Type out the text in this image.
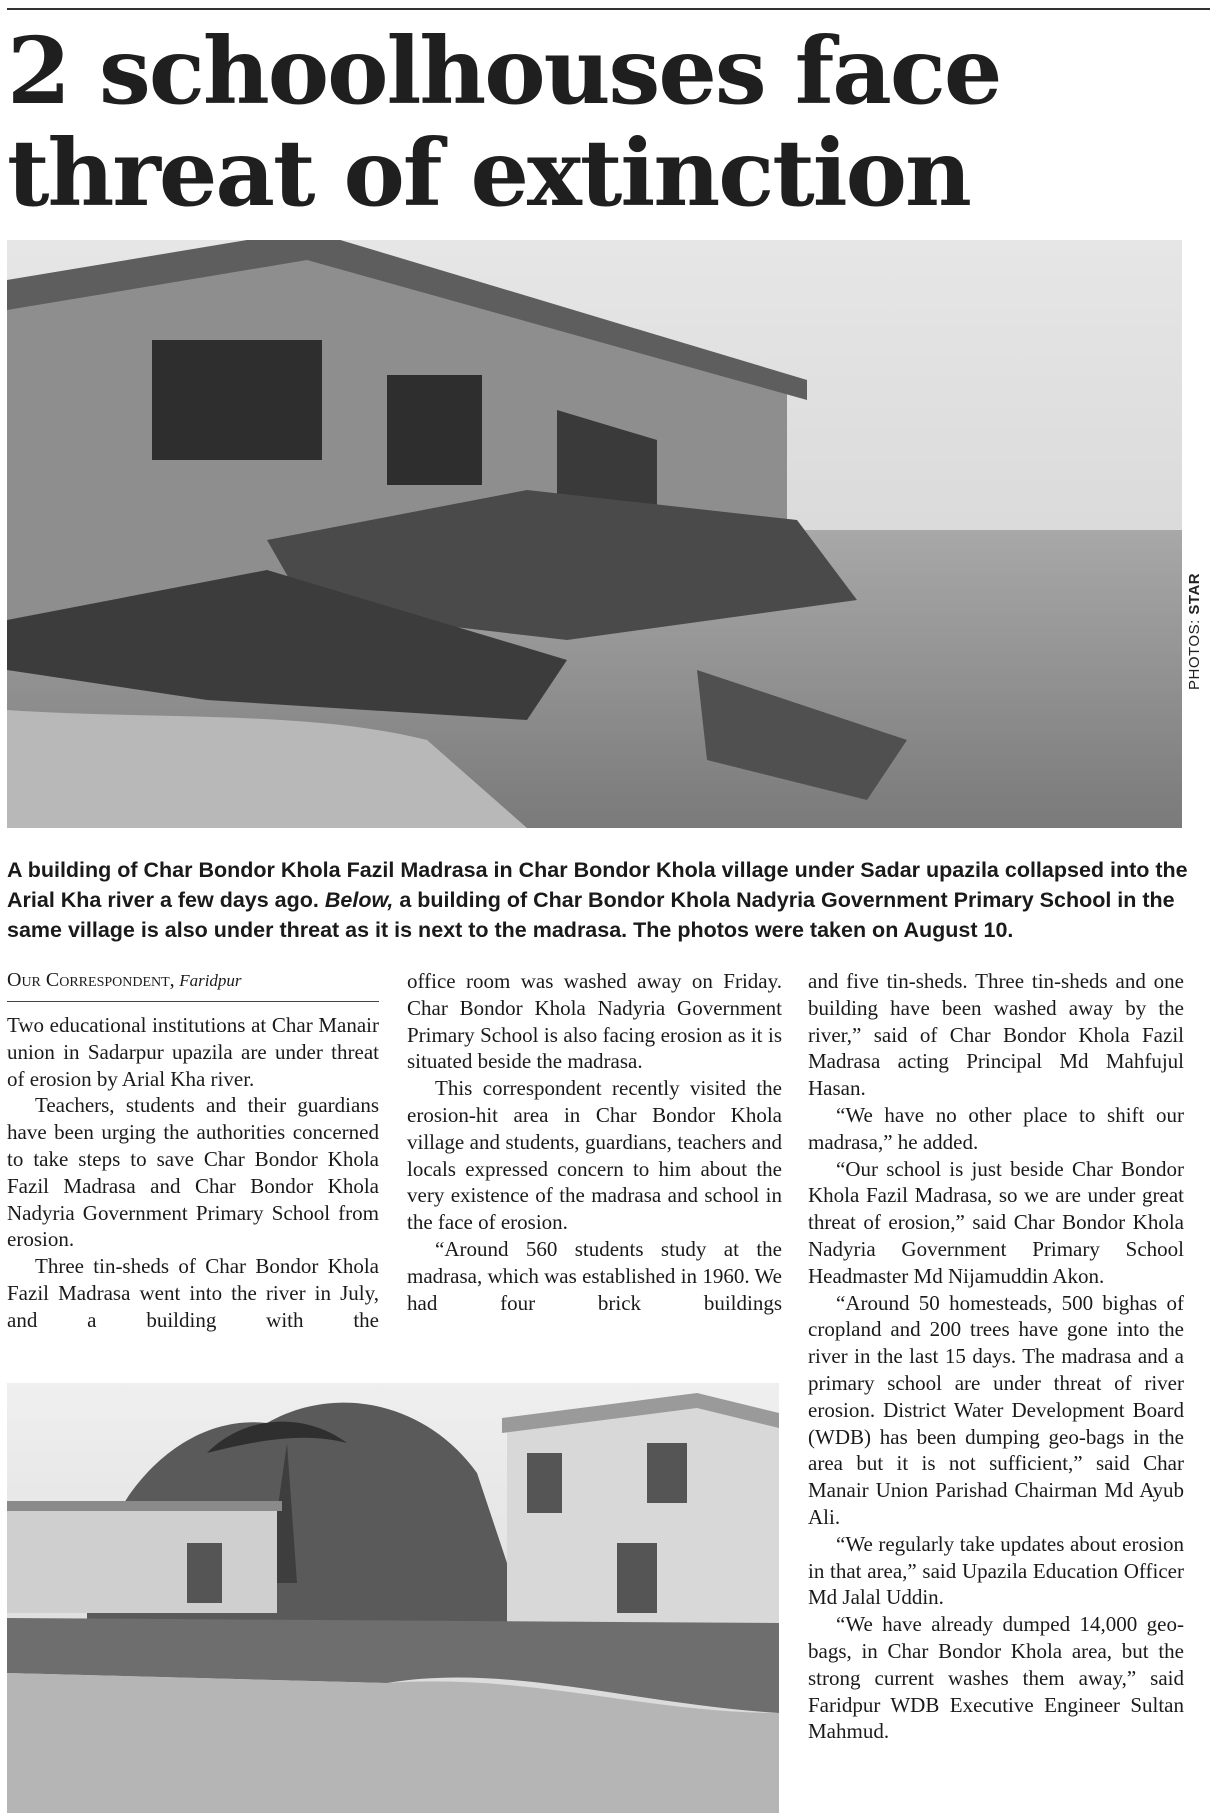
2 schoolhouses face threat of extinction
PHOTOS: STAR

A building of Char Bondor Khola Fazil Madrasa in Char Bondor Khola village under Sadar upazila collapsed into the Arial Kha river a few days ago. Below, a building of Char Bondor Khola Nadyria Government Primary School in the same village is also under threat as it is next to the madrasa. The photos were taken on August 10.

Our Correspondent, Faridpur

Two educational institutions at Char Manair union in Sadarpur upazila are under threat of erosion by Arial Kha river.

Teachers, students and their guardians have been urging the authorities concerned to take steps to save Char Bondor Khola Fazil Madrasa and Char Bondor Khola Nadyria Government Primary School from erosion.

Three tin-sheds of Char Bondor Khola Fazil Madrasa went into the river in July, and a building with the

office room was washed away on Friday. Char Bondor Khola Nadyria Government Primary School is also facing erosion as it is situated beside the madrasa.

This correspondent recently visited the erosion-hit area in Char Bondor Khola village and students, guardians, teachers and locals expressed concern to him about the very existence of the madrasa and school in the face of erosion.

“Around 560 students study at the madrasa, which was established in 1960. We had four brick buildings

and five tin-sheds. Three tin-sheds and one building have been washed away by the river,” said of Char Bondor Khola Fazil Madrasa acting Principal Md Mahfujul Hasan.

“We have no other place to shift our madrasa,” he added.

“Our school is just beside Char Bondor Khola Fazil Madrasa, so we are under great threat of erosion,” said Char Bondor Khola Nadyria Government Primary School Headmaster Md Nijamuddin Akon.

“Around 50 homesteads, 500 bighas of cropland and 200 trees have gone into the river in the last 15 days. The madrasa and a primary school are under threat of river erosion. District Water Development Board (WDB) has been dumping geo-bags in the area but it is not sufficient,” said Char Manair Union Parishad Chairman Md Ayub Ali.

“We regularly take updates about erosion in that area,” said Upazila Education Officer Md Jalal Uddin.

“We have already dumped 14,000 geo-bags, in Char Bondor Khola area, but the strong current washes them away,” said Faridpur WDB Executive Engineer Sultan Mahmud.
